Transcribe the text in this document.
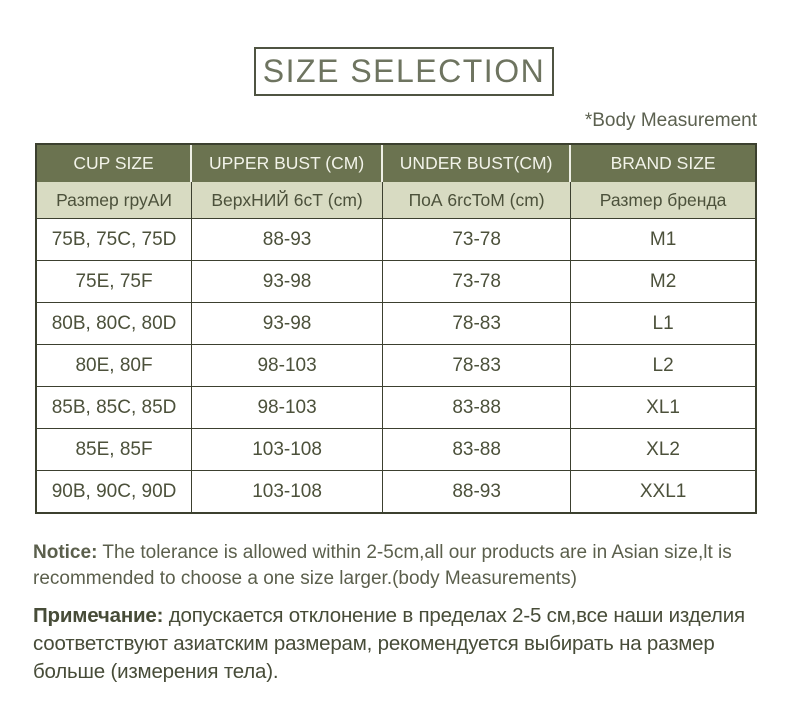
SIZE SELECTION
*Body Measurement
CUP SIZE	UPPER BUST (CM)	UNDER BUST(CM)	BRAND SIZE
Разmер rруАИ	ВерхНИЙ 6сТ (cm)	ПоА 6rcToM (cm)	Разmер бренда
75B, 75C, 75D	88-93	73-78	M1
75E, 75F	93-98	73-78	M2
80B, 80C, 80D	93-98	78-83	L1
80E, 80F	98-103	78-83	L2
85B, 85C, 85D	98-103	83-88	XL1
85E, 85F	103-108	83-88	XL2
90B, 90C, 90D	103-108	88-93	XXL1

Notice: The tolerance is allowed within 2-5cm,all our products are in Asian size,lt is recommended to choose a one size larger.(body Measurements)

Примечание: допускается отклонение в пределах 2-5 см,все наши изделия соответствуют азиатским размерам, рекомендуется выбирать на размер больше (измерения тела).
